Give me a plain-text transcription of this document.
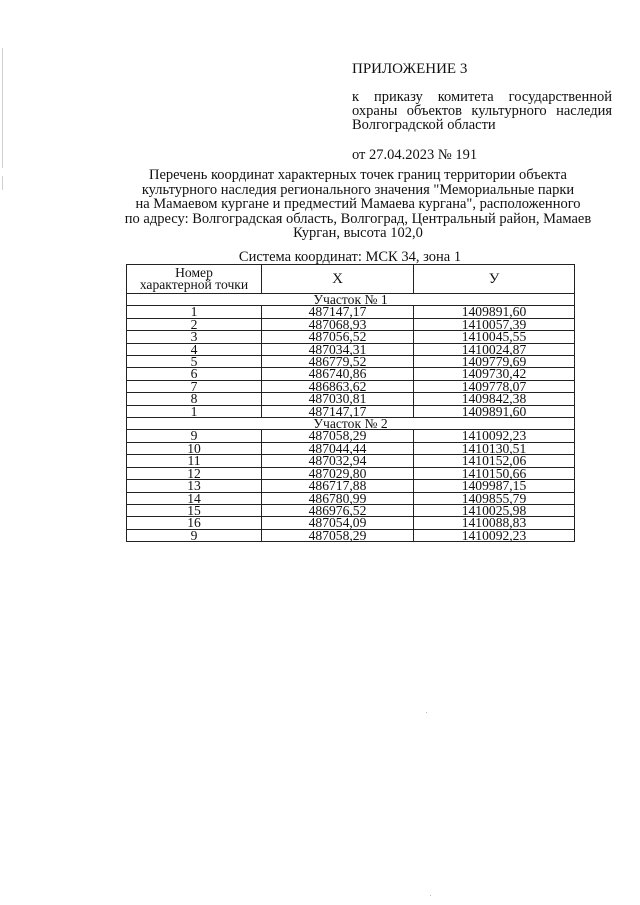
ПРИЛОЖЕНИЕ 3
к приказу комитета государственной охраны объектов культурного наследия Волгоградской области
от 27.04.2023 № 191
Перечень координат характерных точек границ территории объекта
культурного наследия регионального значения "Мемориальные парки
на Мамаевом кургане и предместий Мамаева кургана", расположенного
по адресу: Волгоградская область, Волгоград, Центральный район, Мамаев
Курган, высота 102,0
Система координат: МСК 34, зона 1
Номер
характерной точки	X	У
Участок № 1		
1	487147,17	1409891,60
2	487068,93	1410057,39
3	487056,52	1410045,55
4	487034,31	1410024,87
5	486779,52	1409779,69
6	486740,86	1409730,42
7	486863,62	1409778,07
8	487030,81	1409842,38
1	487147,17	1409891,60
Участок № 2		
9	487058,29	1410092,23
10	487044,44	1410130,51
11	487032,94	1410152,06
12	487029,80	1410150,66
13	486717,88	1409987,15
14	486780,99	1409855,79
15	486976,52	1410025,98
16	487054,09	1410088,83
9	487058,29	1410092,23
